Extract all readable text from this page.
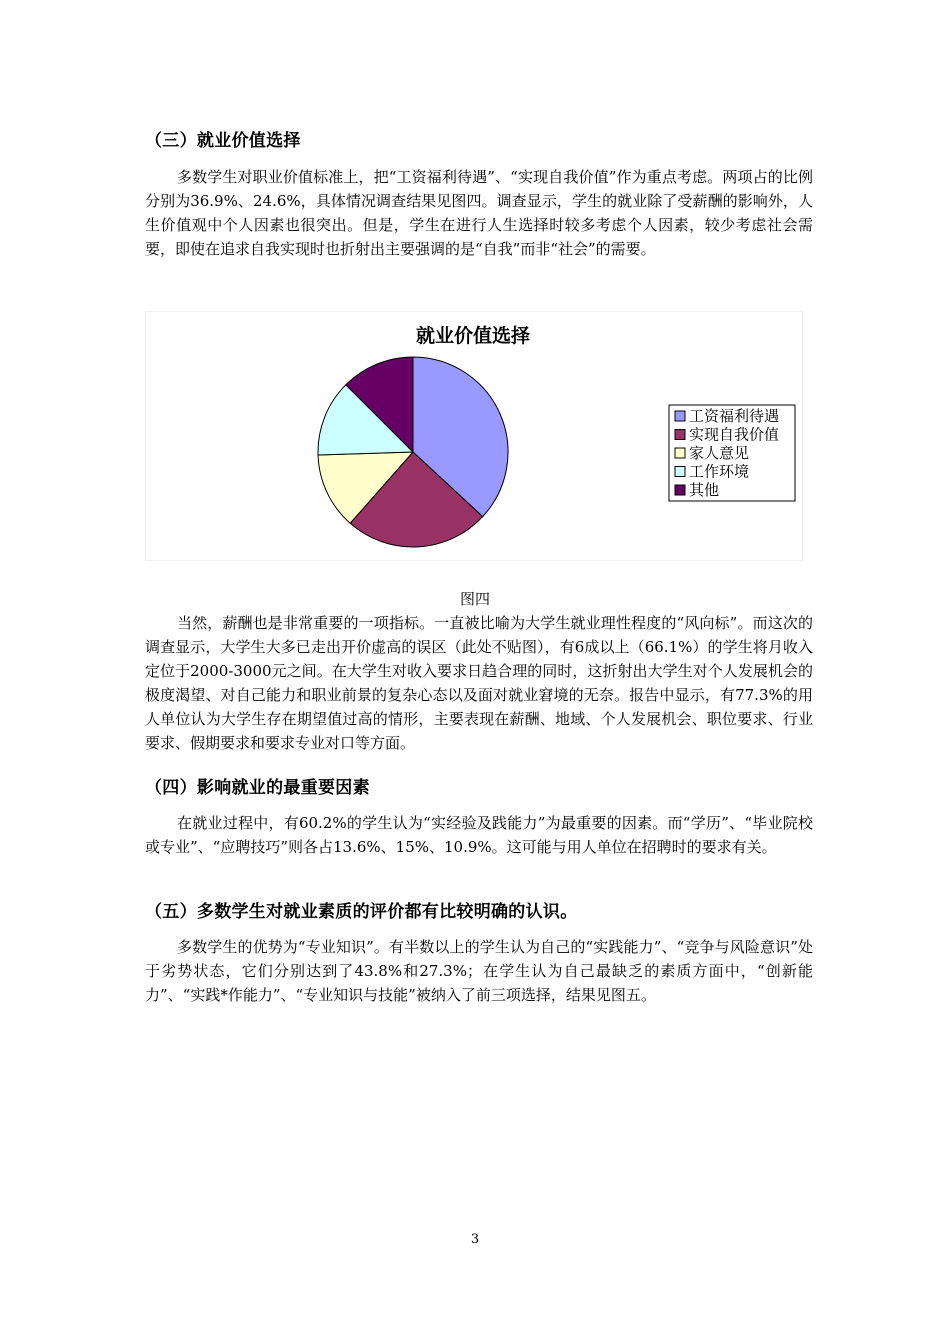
（三）就业价值选择

多数学生对职业价值标准上，把“工资福利待遇”、“实现自我价值”作为重点考虑。两项占的比例分别为36.9%、24.6%，具体情况调查结果见图四。调查显示，学生的就业除了受薪酬的影响外，人生价值观中个人因素也很突出。但是，学生在进行人生选择时较多考虑个人因素，较少考虑社会需要，即使在追求自我实现时也折射出主要强调的是“自我”而非“社会”的需要。

就业价值选择
工资福利待遇
实现自我价值
家人意见
工作环境
其他
图四

当然，薪酬也是非常重要的一项指标。一直被比喻为大学生就业理性程度的“风向标”。而这次的调查显示，大学生大多已走出开价虚高的误区（此处不贴图），有6成以上（66.1%）的学生将月收入定位于2000-3000元之间。在大学生对收入要求日趋合理的同时，这折射出大学生对个人发展机会的极度渴望、对自己能力和职业前景的复杂心态以及面对就业窘境的无奈。报告中显示，有77.3%的用人单位认为大学生存在期望值过高的情形，主要表现在薪酬、地域、个人发展机会、职位要求、行业要求、假期要求和要求专业对口等方面。

（四）影响就业的最重要因素

在就业过程中，有60.2%的学生认为“实经验及践能力”为最重要的因素。而“学历”、“毕业院校或专业”、“应聘技巧”则各占13.6%、15%、10.9%。这可能与用人单位在招聘时的要求有关。

（五）多数学生对就业素质的评价都有比较明确的认识。

多数学生的优势为“专业知识”。有半数以上的学生认为自己的“实践能力”、“竞争与风险意识”处于劣势状态，它们分别达到了43.8%和27.3%；在学生认为自己最缺乏的素质方面中，“创新能力”、“实践*作能力”、“专业知识与技能”被纳入了前三项选择，结果见图五。

3
